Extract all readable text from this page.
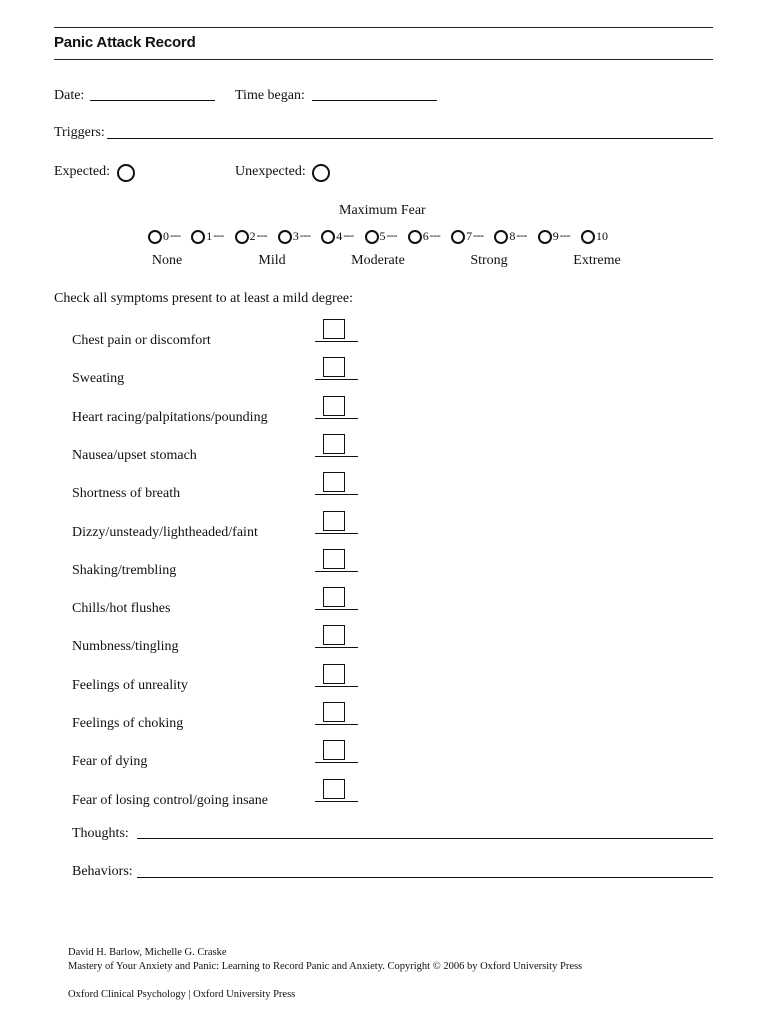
Panic Attack Record
Date:	Time began:
Triggers:
Expected:	Unexpected:
Maximum Fear
0 --- 1 --- 2 --- 3 --- 4 --- 5 --- 6 --- 7 --- 8 --- 9 --- 10
None	Mild	Moderate	Strong	Extreme
Check all symptoms present to at least a mild degree:
Chest pain or discomfort
Sweating
Heart racing/palpitations/pounding
Nausea/upset stomach
Shortness of breath
Dizzy/unsteady/lightheaded/faint
Shaking/trembling
Chills/hot flushes
Numbness/tingling
Feelings of unreality
Feelings of choking
Fear of dying
Fear of losing control/going insane
Thoughts:
Behaviors:
David H. Barlow, Michelle G. Craske
Mastery of Your Anxiety and Panic: Learning to Record Panic and Anxiety. Copyright © 2006 by Oxford University Press
Oxford Clinical Psychology | Oxford University Press
